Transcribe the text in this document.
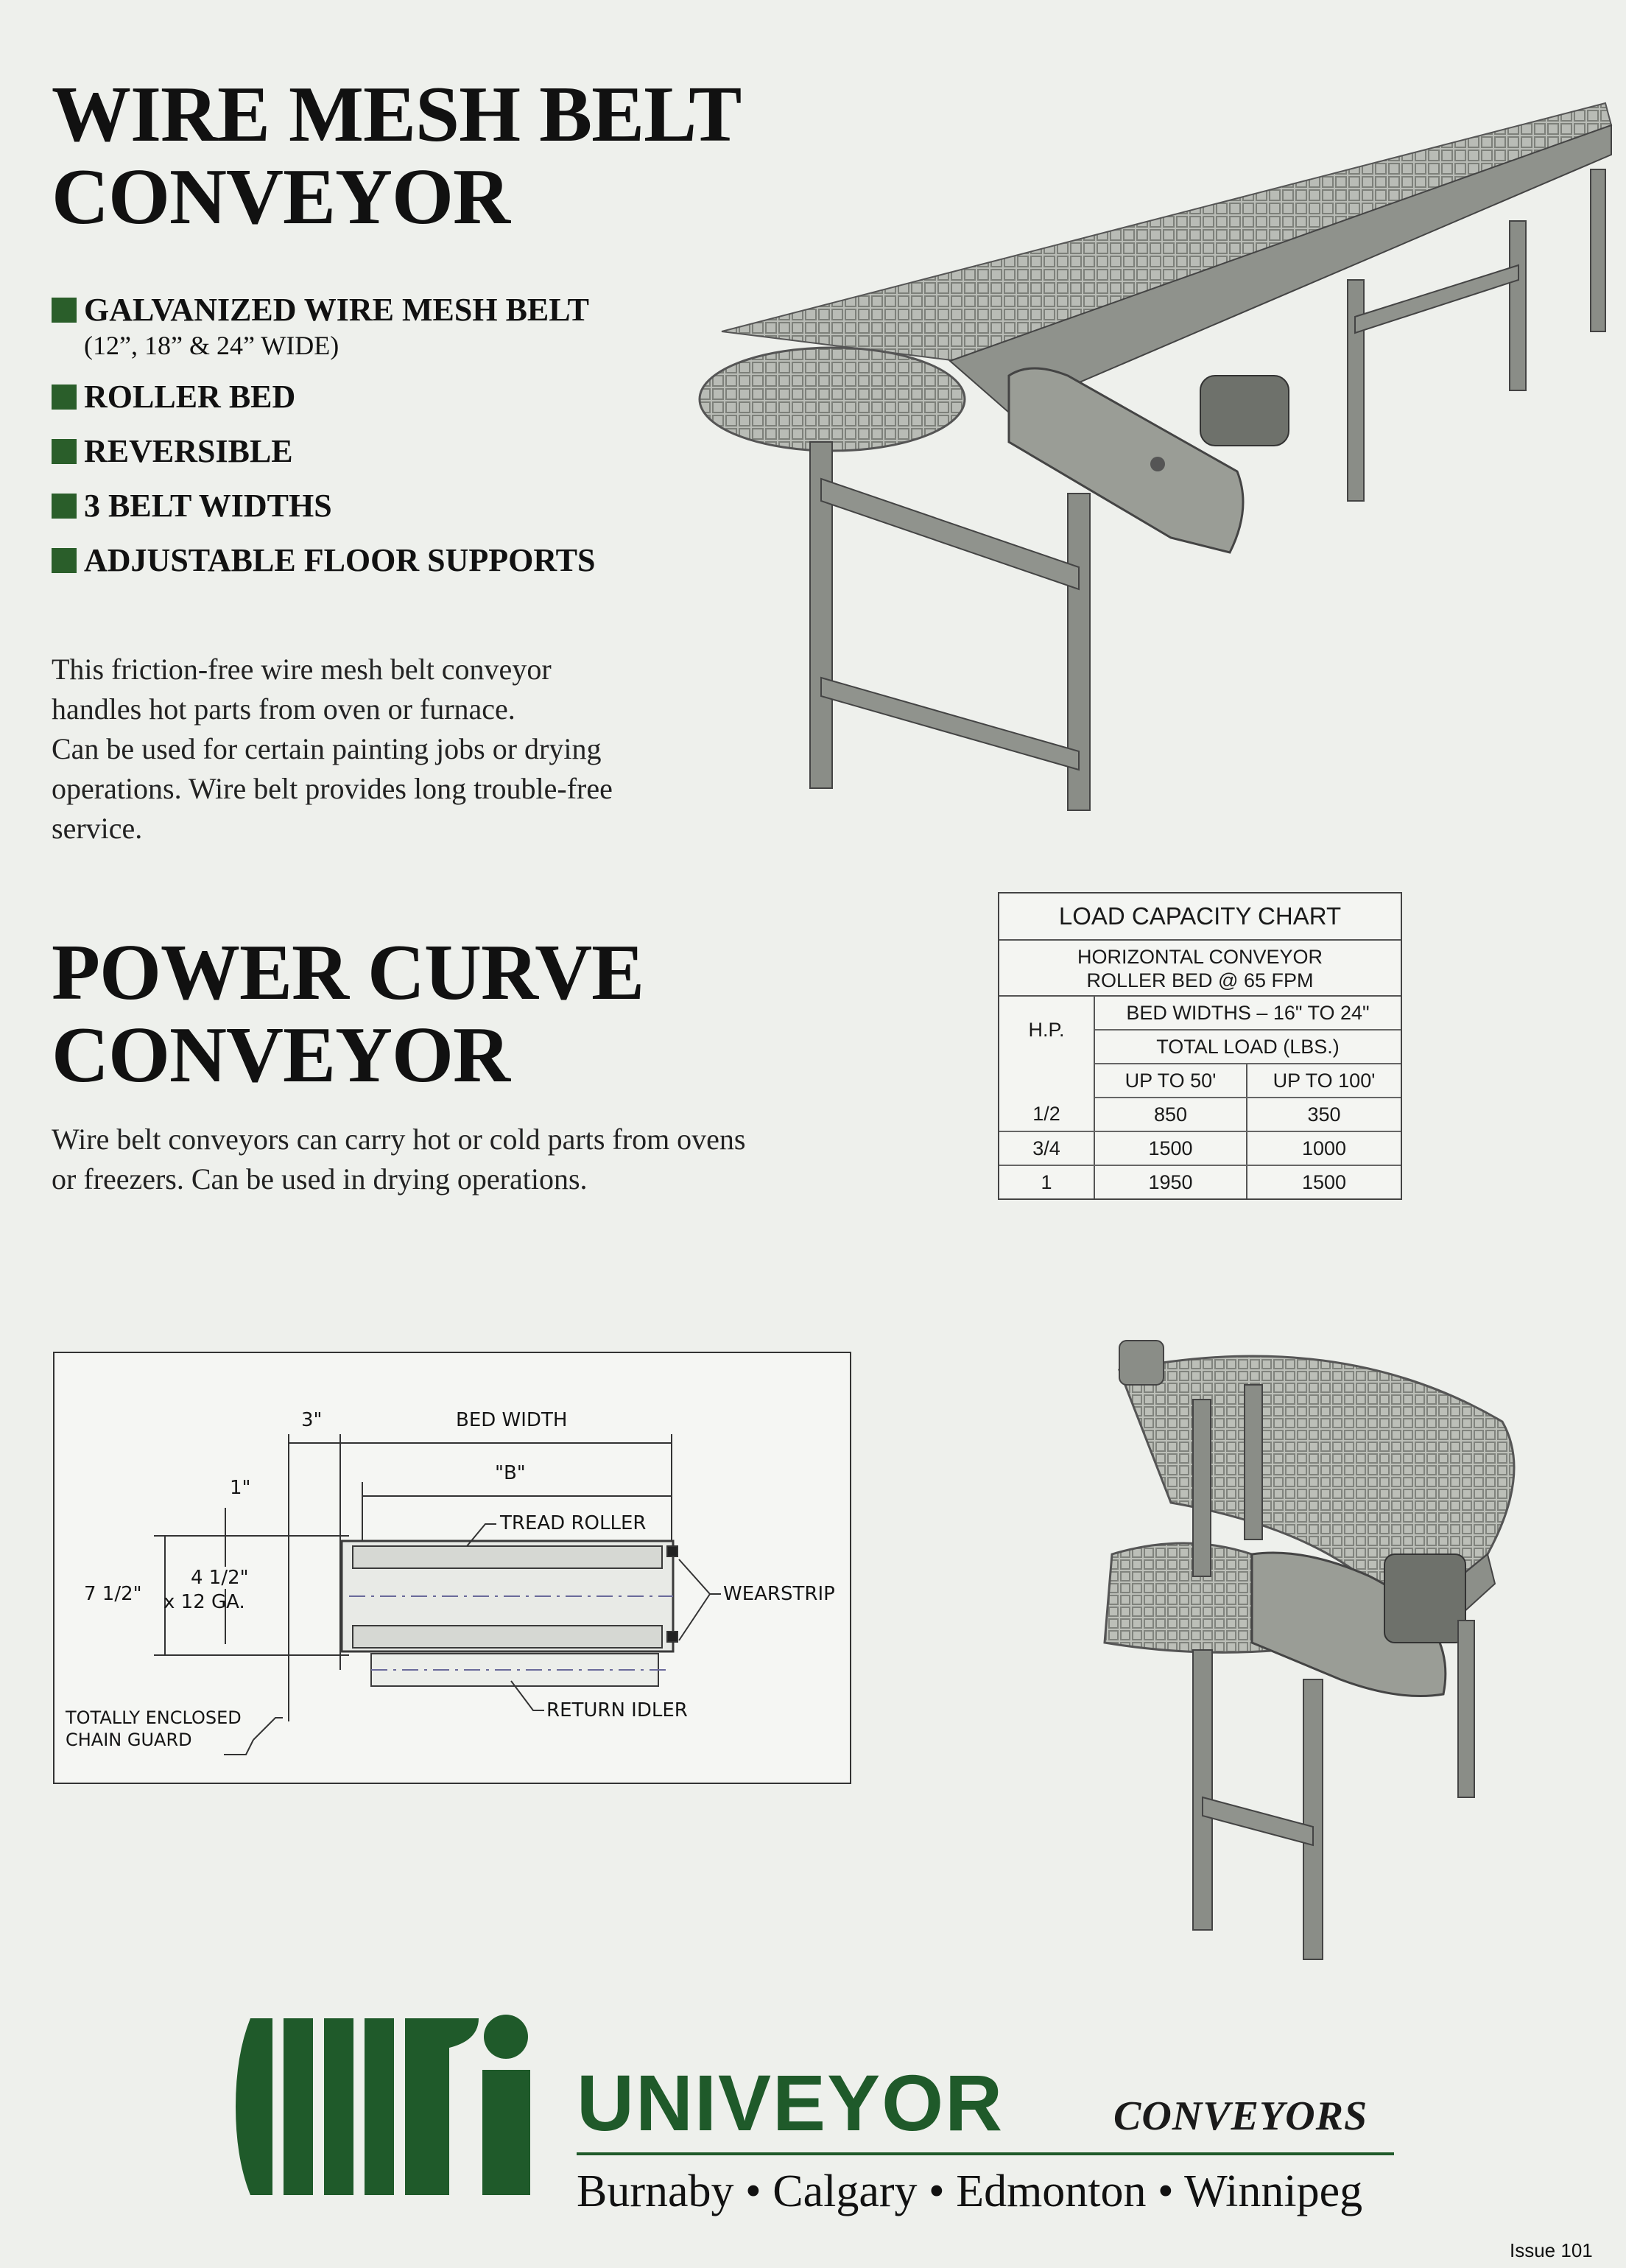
WIRE MESH BELT
CONVEYOR
GALVANIZED WIRE MESH BELT
(12”, 18” & 24” WIDE)
ROLLER BED
REVERSIBLE
3 BELT WIDTHS
ADJUSTABLE FLOOR SUPPORTS
This friction-free wire mesh belt conveyor
handles hot parts from oven or furnace.
Can be used for certain painting jobs or drying
operations. Wire belt provides long trouble-free
service.
POWER CURVE
CONVEYOR
Wire belt conveyors can carry hot or cold parts from ovens
or freezers. Can be used in drying operations.
LOAD CAPACITY CHART
HORIZONTAL CONVEYOR
ROLLER BED @ 65 FPM
H.P.	BED WIDTHS – 16" TO 24"	
	TOTAL LOAD (LBS.)	
	UP TO 50'	UP TO 100'
1/2	850	350
3/4	1500	1000
1	1950	1500
3"	BED WIDTH
"B"
1"
TREAD ROLLER
4 1/2"
x 12 GA.
7 1/2"	WEARSTRIP
RETURN IDLER
TOTALLY ENCLOSED
CHAIN GUARD
UNIVEYOR	CONVEYORS
Burnaby • Calgary • Edmonton • Winnipeg
Issue 101
